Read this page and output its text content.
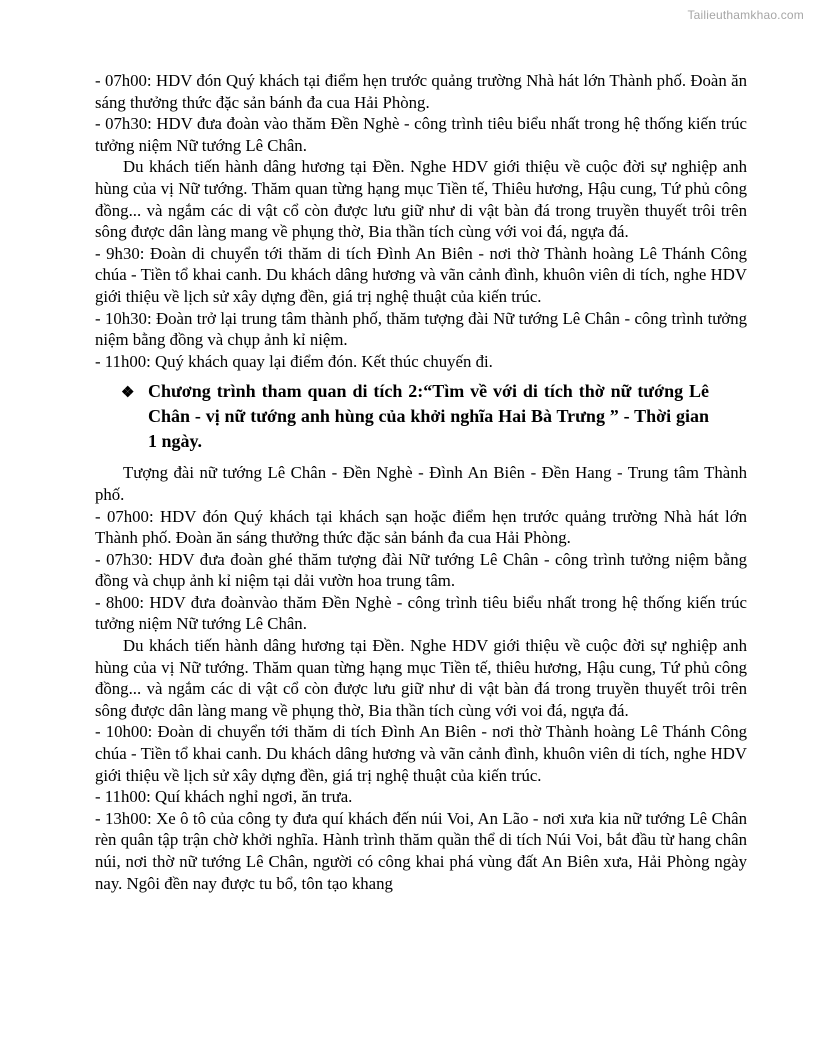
Tailieuthamkhao.com

- 07h00: HDV đón Quý khách tại điểm hẹn trước quảng trường Nhà hát lớn Thành phố. Đoàn ăn sáng thưởng thức đặc sản bánh đa cua Hải Phòng.

- 07h30: HDV đưa đoàn vào thăm Đền Nghè - công trình tiêu biểu nhất trong hệ thống kiến trúc tưởng niệm Nữ tướng Lê Chân.

Du khách tiến hành dâng hương tại Đền. Nghe HDV giới thiệu về cuộc đời sự nghiệp anh hùng của vị Nữ tướng. Thăm quan từng hạng mục Tiền tế, Thiêu hương, Hậu cung, Tứ phủ công đồng... và ngắm các di vật cổ còn được lưu giữ như di vật bàn đá trong truyền thuyết trôi trên sông được dân làng mang về phụng thờ, Bia thần tích cùng với voi đá, ngựa đá.

- 9h30: Đoàn di chuyển tới thăm di tích Đình An Biên - nơi thờ Thành hoàng Lê Thánh Công chúa - Tiền tổ khai canh. Du khách dâng hương và vãn cảnh đình, khuôn viên di tích, nghe HDV giới thiệu về lịch sử xây dựng đền, giá trị nghệ thuật của kiến trúc.

- 10h30: Đoàn trở lại trung tâm thành phố, thăm tượng đài Nữ tướng Lê Chân - công trình tưởng niệm bằng đồng và chụp ảnh kỉ niệm.

- 11h00: Quý khách quay lại điểm đón. Kết thúc chuyến đi.

❖ Chương trình tham quan di tích 2:“Tìm về với di tích thờ nữ tướng Lê Chân - vị nữ tướng anh hùng của khởi nghĩa Hai Bà Trưng ” - Thời gian 1 ngày.

Tượng đài nữ tướng Lê Chân - Đền Nghè - Đình An Biên - Đền Hang - Trung tâm Thành phố.

- 07h00: HDV đón Quý khách tại khách sạn hoặc điểm hẹn trước quảng trường Nhà hát lớn Thành phố. Đoàn ăn sáng thưởng thức đặc sản bánh đa cua Hải Phòng.

- 07h30: HDV đưa đoàn ghé thăm tượng đài Nữ tướng Lê Chân - công trình tưởng niệm bằng đồng và chụp ảnh kỉ niệm tại dải vườn hoa trung tâm.

- 8h00: HDV đưa đoànvào thăm Đền Nghè - công trình tiêu biểu nhất trong hệ thống kiến trúc tưởng niệm Nữ tướng Lê Chân.

Du khách tiến hành dâng hương tại Đền. Nghe HDV giới thiệu về cuộc đời sự nghiệp anh hùng của vị Nữ tướng. Thăm quan từng hạng mục Tiền tế, thiêu hương, Hậu cung, Tứ phủ công đồng... và ngắm các di vật cổ còn được lưu giữ như di vật bàn đá trong truyền thuyết trôi trên sông được dân làng mang về phụng thờ, Bia thần tích cùng với voi đá, ngựa đá.

- 10h00: Đoàn di chuyển tới thăm di tích Đình An Biên - nơi thờ Thành hoàng Lê Thánh Công chúa - Tiền tổ khai canh. Du khách dâng hương và vãn cảnh đình, khuôn viên di tích, nghe HDV giới thiệu về lịch sử xây dựng đền, giá trị nghệ thuật của kiến trúc.

- 11h00: Quí khách nghỉ ngơi, ăn trưa.

- 13h00: Xe ô tô của công ty đưa quí khách đến núi Voi, An Lão - nơi xưa kia nữ tướng Lê Chân rèn quân tập trận chờ khởi nghĩa. Hành trình thăm quần thể di tích Núi Voi, bắt đầu từ hang chân núi, nơi thờ nữ tướng Lê Chân, người có công khai phá vùng đất An Biên xưa, Hải Phòng ngày nay. Ngôi đền nay được tu bổ, tôn tạo khang
